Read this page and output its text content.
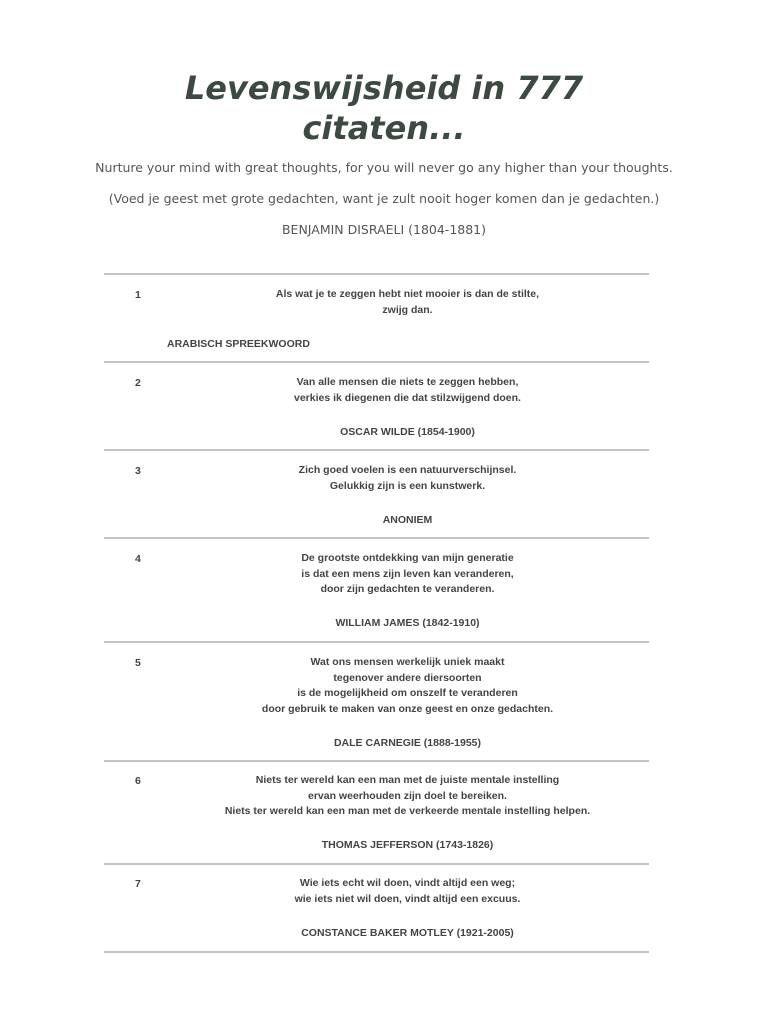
Levenswijsheid in 777
citaten...
Nurture your mind with great thoughts, for you will never go any higher than your thoughts.
(Voed je geest met grote gedachten, want je zult nooit hoger komen dan je gedachten.)
BENJAMIN DISRAELI (1804-1881)
1	Als wat je te zeggen hebt niet mooier is dan de stilte,
zwijg dan.
ARABISCH SPREEKWOORD
2	Van alle mensen die niets te zeggen hebben,
verkies ik diegenen die dat stilzwijgend doen.
OSCAR WILDE (1854-1900)
3	Zich goed voelen is een natuurverschijnsel.
Gelukkig zijn is een kunstwerk.
ANONIEM
4	De grootste ontdekking van mijn generatie
is dat een mens zijn leven kan veranderen,
door zijn gedachten te veranderen.
WILLIAM JAMES (1842-1910)
5	Wat ons mensen werkelijk uniek maakt
tegenover andere diersoorten
is de mogelijkheid om onszelf te veranderen
door gebruik te maken van onze geest en onze gedachten.
DALE CARNEGIE (1888-1955)
6	Niets ter wereld kan een man met de juiste mentale instelling
ervan weerhouden zijn doel te bereiken.
Niets ter wereld kan een man met de verkeerde mentale instelling helpen.
THOMAS JEFFERSON (1743-1826)
7	Wie iets echt wil doen, vindt altijd een weg;
wie iets niet wil doen, vindt altijd een excuus.
CONSTANCE BAKER MOTLEY (1921-2005)
